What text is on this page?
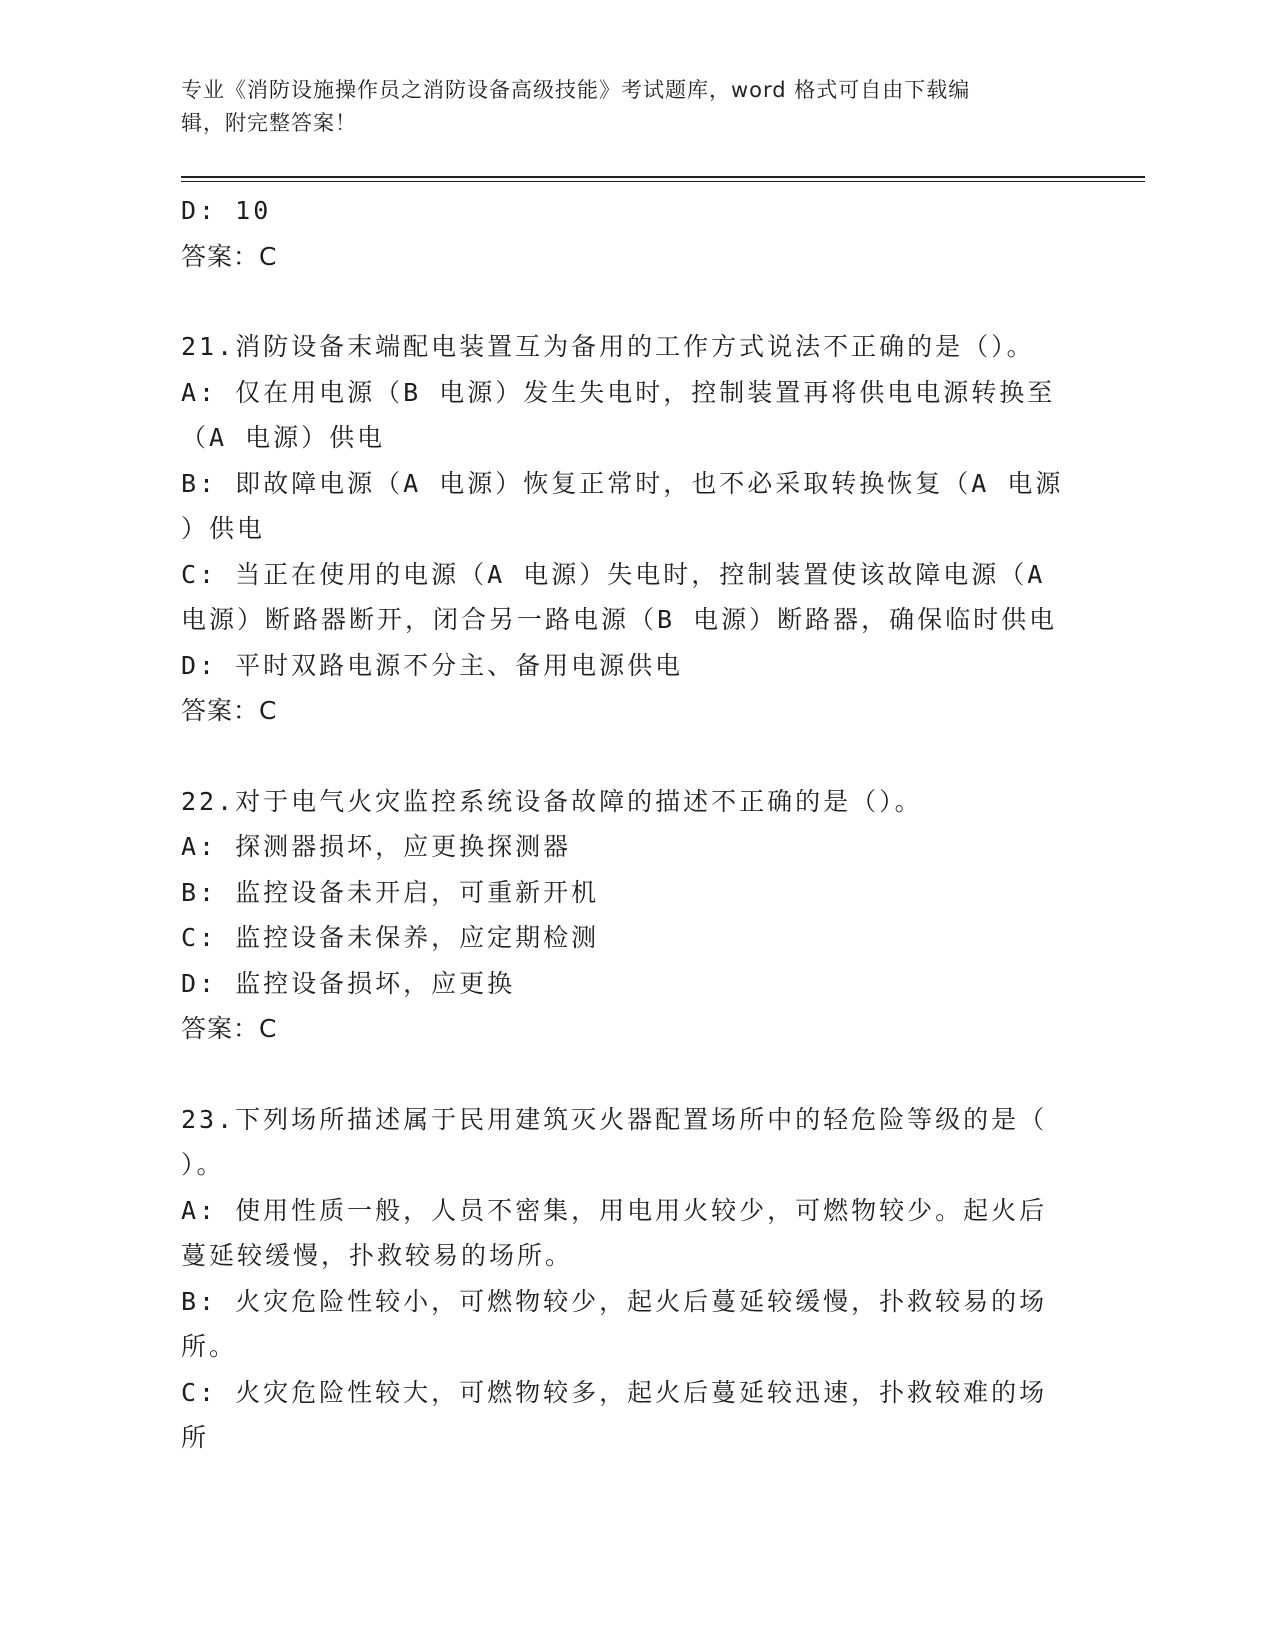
专业《消防设施操作员之消防设备高级技能》考试题库，word 格式可自由下载编
辑，附完整答案！
D: 10
答案：C
21.消防设备末端配电装置互为备用的工作方式说法不正确的是（）。
A: 仅在用电源（B 电源）发生失电时，控制装置再将供电电源转换至
（A 电源）供电
B: 即故障电源（A 电源）恢复正常时，也不必采取转换恢复（A 电源
）供电
C: 当正在使用的电源（A 电源）失电时，控制装置使该故障电源（A
电源）断路器断开，闭合另一路电源（B 电源）断路器，确保临时供电
D: 平时双路电源不分主、备用电源供电
答案：C
22.对于电气火灾监控系统设备故障的描述不正确的是（）。
A: 探测器损坏，应更换探测器
B: 监控设备未开启，可重新开机
C: 监控设备未保养，应定期检测
D: 监控设备损坏，应更换
答案：C
23.下列场所描述属于民用建筑灭火器配置场所中的轻危险等级的是（
）。
A: 使用性质一般，人员不密集，用电用火较少，可燃物较少。起火后
蔓延较缓慢，扑救较易的场所。
B: 火灾危险性较小，可燃物较少，起火后蔓延较缓慢，扑救较易的场
所。
C: 火灾危险性较大，可燃物较多，起火后蔓延较迅速，扑救较难的场
所
